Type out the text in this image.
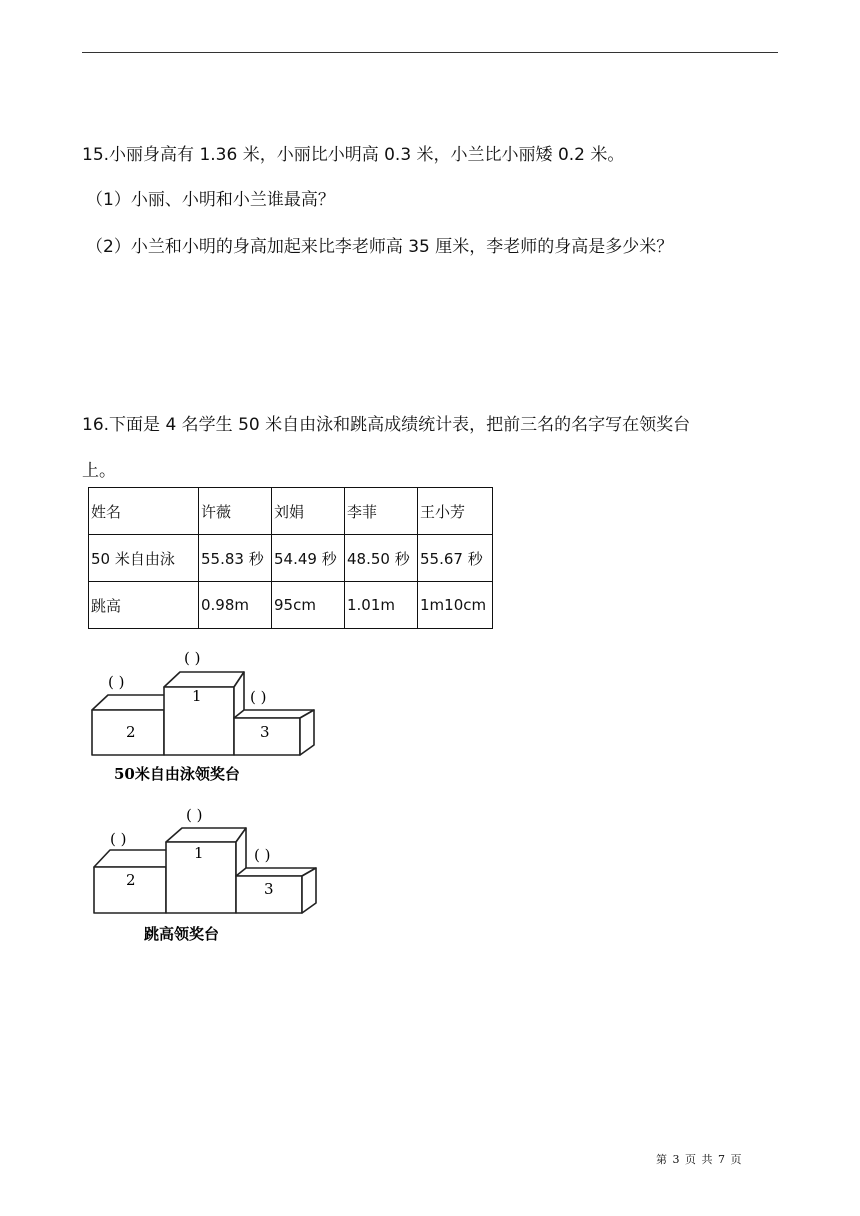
15.小丽身高有 1.36 米，小丽比小明高 0.3 米，小兰比小丽矮 0.2 米。
（1）小丽、小明和小兰谁最高？
（2）小兰和小明的身高加起来比李老师高 35 厘米，李老师的身高是多少米？
16.下面是 4 名学生 50 米自由泳和跳高成绩统计表，把前三名的名字写在领奖台
上。
姓名	许薇	刘娟	李菲	王小芳
50 米自由泳	55.83 秒	54.49 秒	48.50 秒	55.67 秒
跳高	0.98m	95cm	1.01m	1m10cm
2
1
3
( )
( )
( )
50米自由泳领奖台
2
1
3
( )
( )
( )
跳高领奖台
第 3 页 共 7 页
